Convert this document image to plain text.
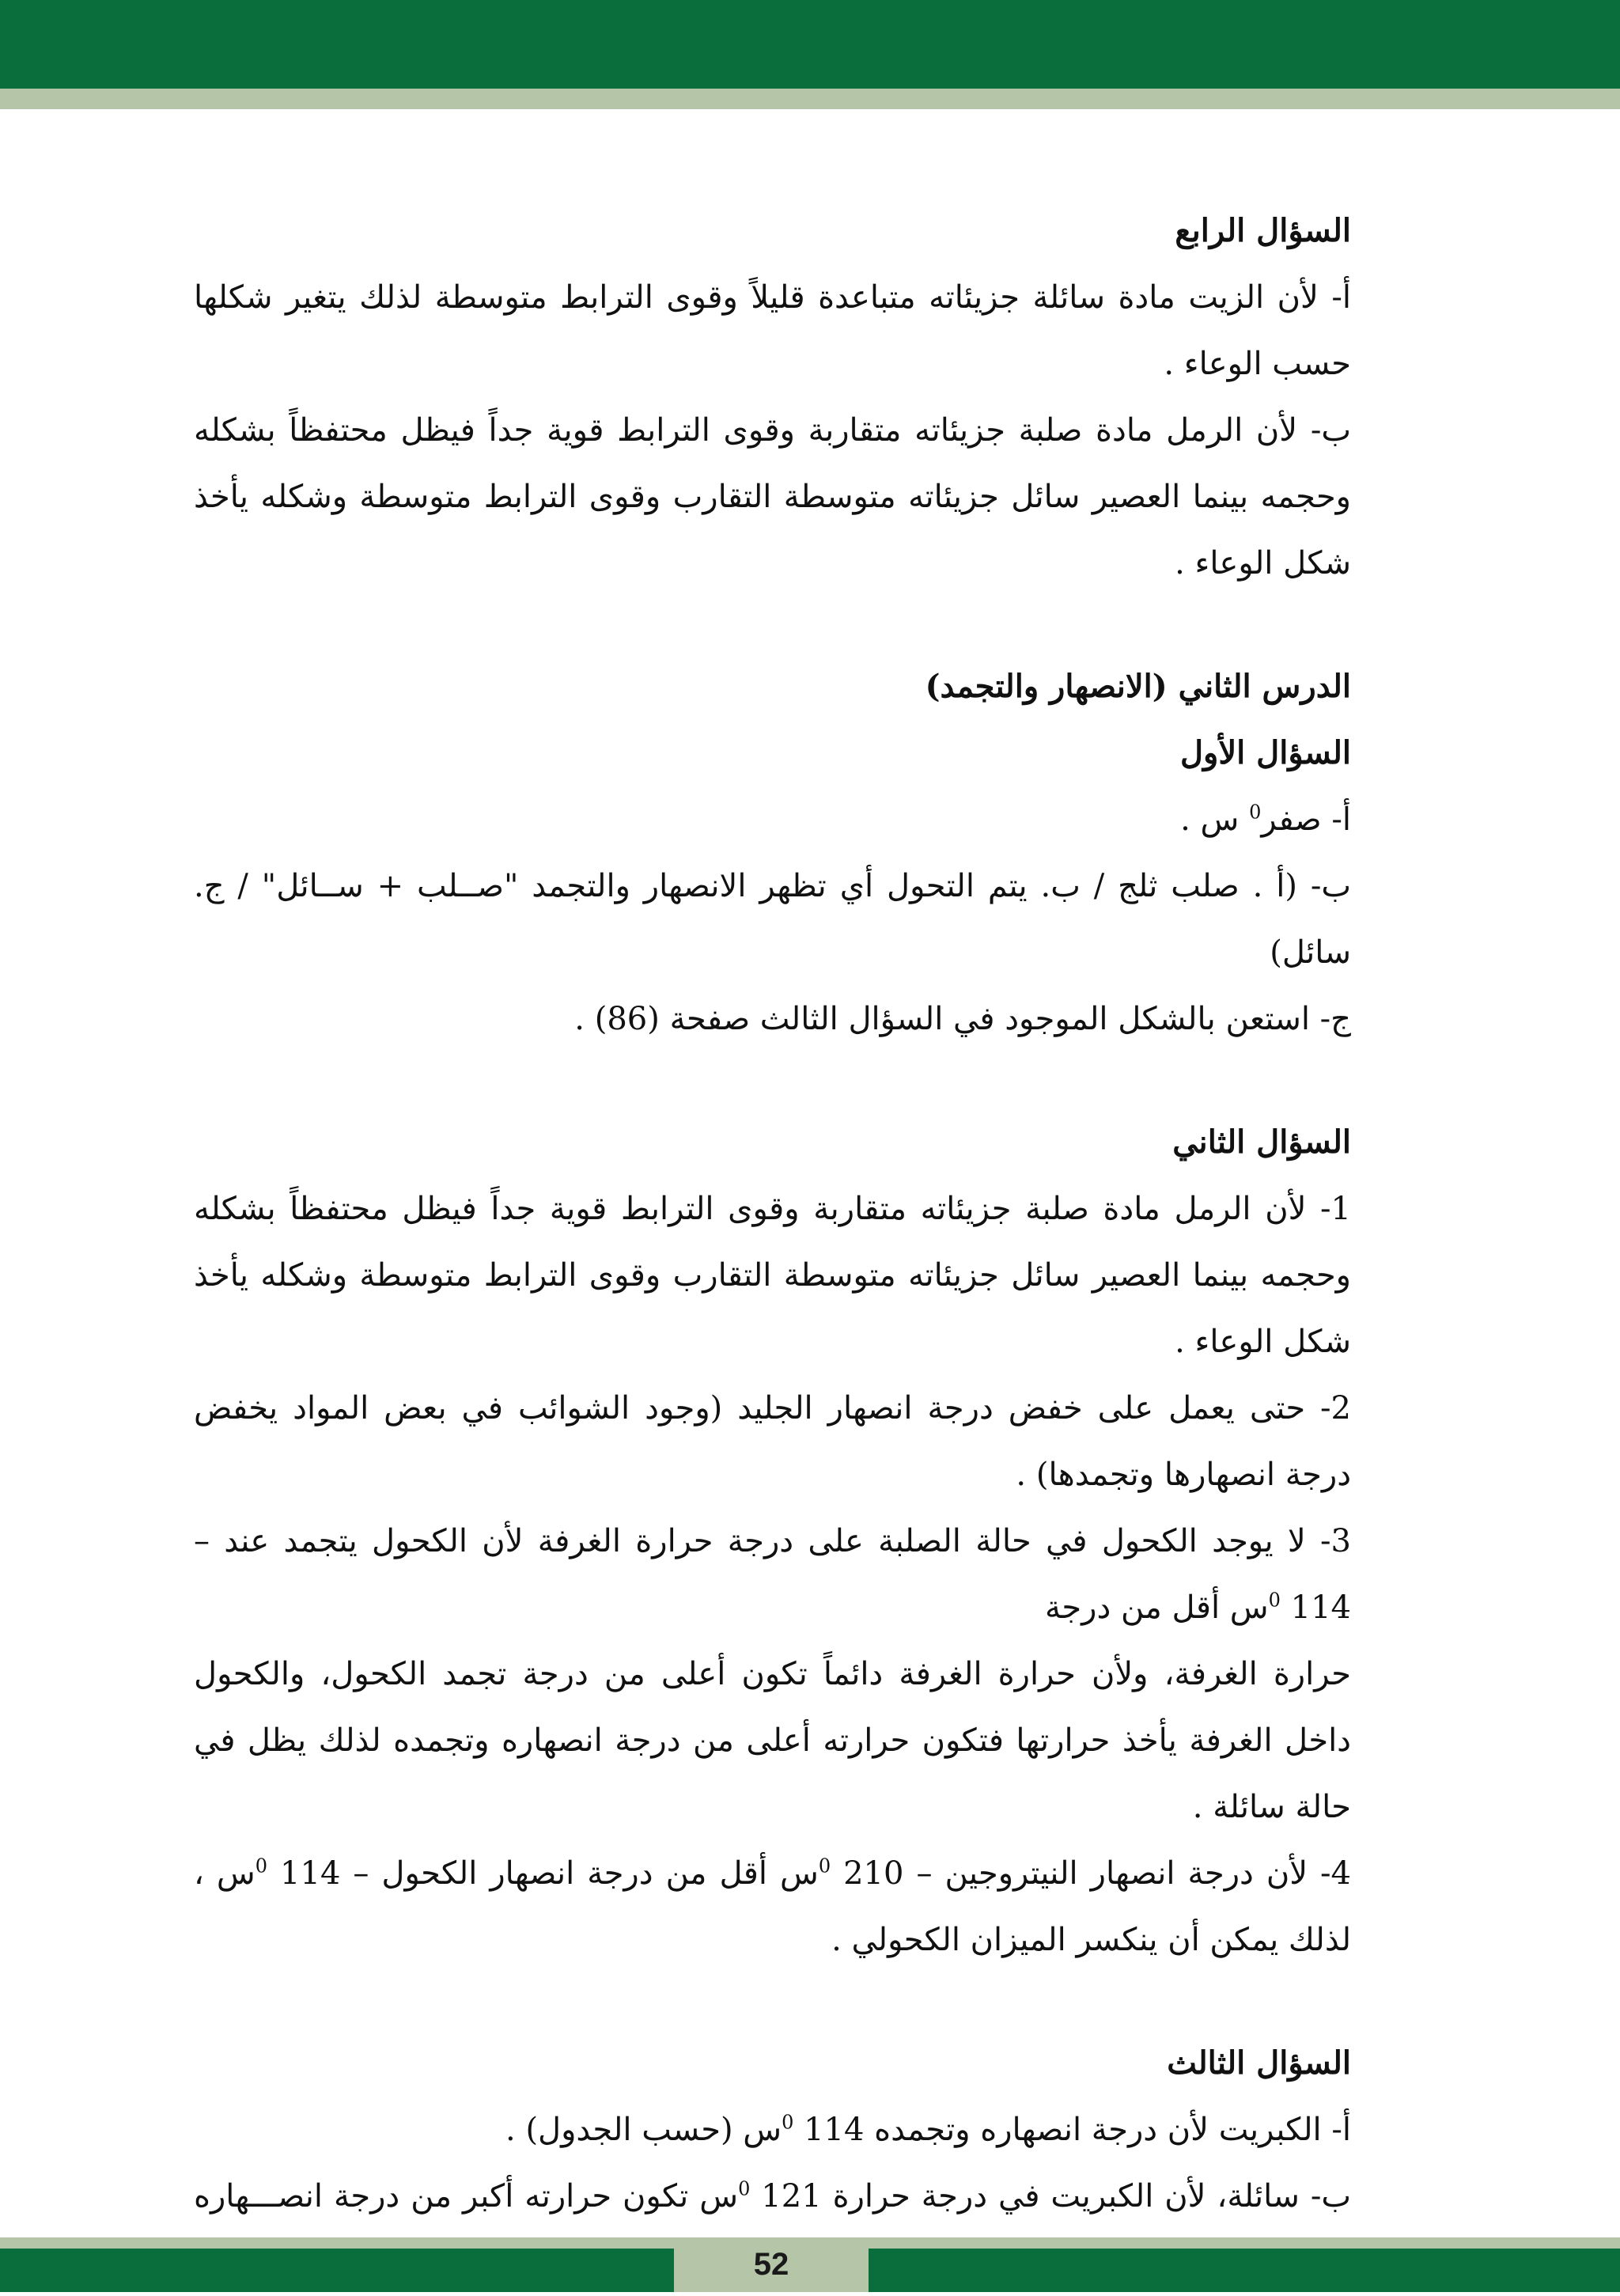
السؤال الرابع

أ- لأن الزيت مادة سائلة جزيئاته متباعدة قليلاً وقوى الترابط متوسطة لذلك يتغير شكلها حسب الوعاء .

ب- لأن الرمل مادة صلبة جزيئاته متقاربة وقوى الترابط قوية جداً فيظل محتفظاً بشكله وحجمه بينما العصير سائل جزيئاته متوسطة التقارب وقوى الترابط متوسطة وشكله يأخذ شكل الوعاء .

الدرس الثاني (الانصهار والتجمد)

السؤال الأول

أ- صفر$^0$ س .

ب- (أ . صلب ثلج / ب. يتم التحول أي تظهر الانصهار والتجمد "صــلب + ســائل" / ج. سائل)

ج- استعن بالشكل الموجود في السؤال الثالث صفحة (86) .

السؤال الثاني

1- لأن الرمل مادة صلبة جزيئاته متقاربة وقوى الترابط قوية جداً فيظل محتفظاً بشكله وحجمه بينما العصير سائل جزيئاته متوسطة التقارب وقوى الترابط متوسطة وشكله يأخذ شكل الوعاء .

2- حتى يعمل على خفض درجة انصهار الجليد (وجود الشوائب في بعض المواد يخفض درجة انصهارها وتجمدها) .

3- لا يوجد الكحول في حالة الصلبة على درجة حرارة الغرفة لأن الكحول يتجمد عند – 114 $^0$س أقل من درجة

حرارة الغرفة، ولأن حرارة الغرفة دائماً تكون أعلى من درجة تجمد الكحول، والكحول داخل الغرفة يأخذ حرارتها فتكون حرارته أعلى من درجة انصهاره وتجمده لذلك يظل في حالة سائلة .

4- لأن درجة انصهار النيتروجين – 210 $^0$س أقل من درجة انصهار الكحول – 114 $^0$س ، لذلك يمكن أن ينكسر الميزان الكحولي .

السؤال الثالث

أ- الكبريت لأن درجة انصهاره وتجمده 114 $^0$س (حسب الجدول) .

ب- سائلة، لأن الكبريت في درجة حرارة 121 $^0$س تكون حرارته أكبر من درجة انصـــهاره

52
